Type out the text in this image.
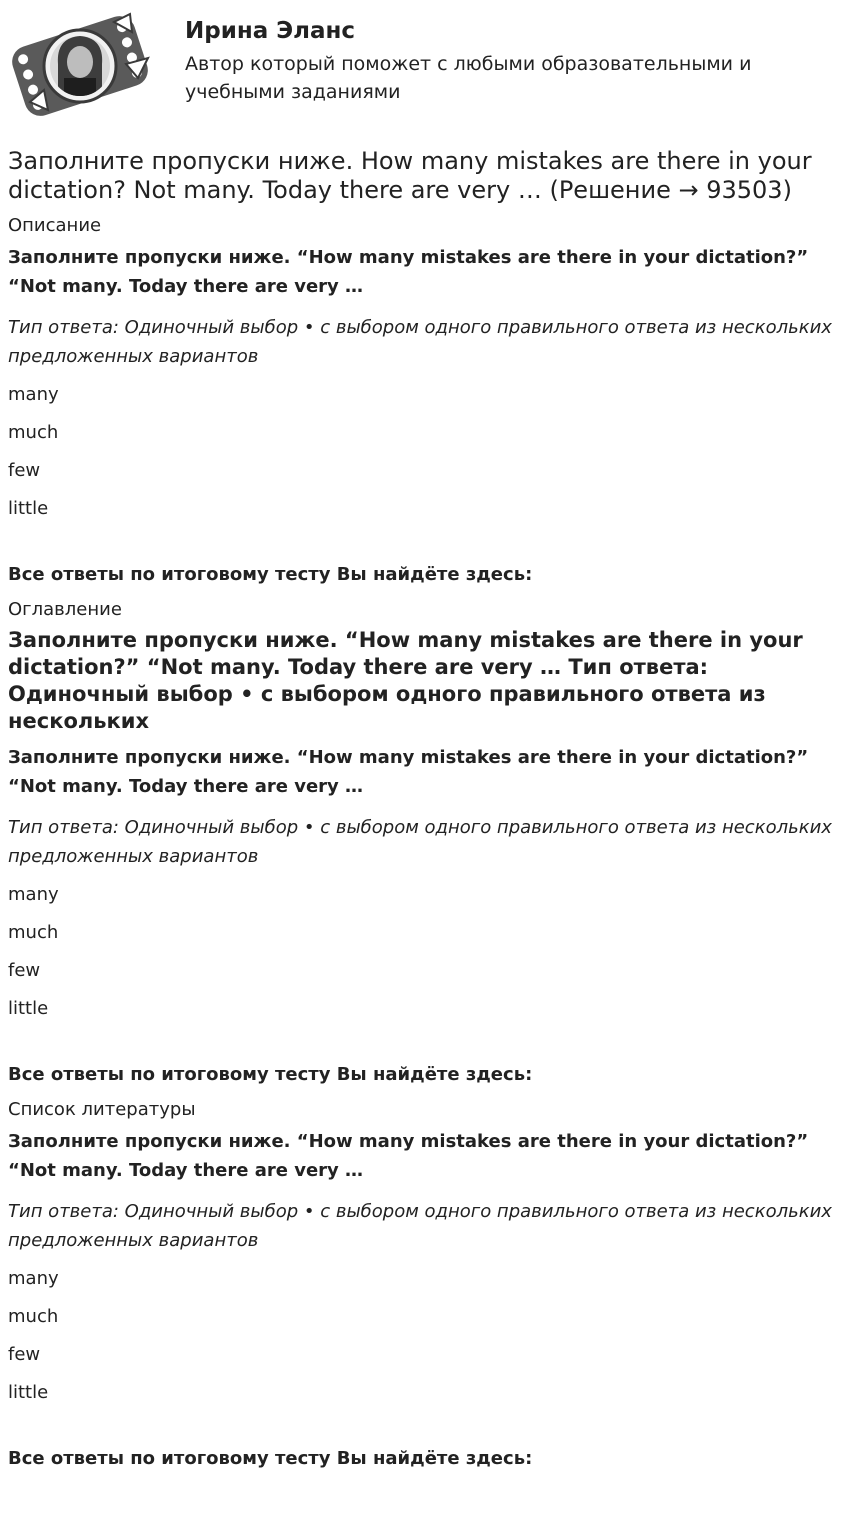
Ирина Эланс

Автор который поможет с любыми образовательными и учебными заданиями

Заполните пропуски ниже. How many mistakes are there in your dictation? Not many. Today there are very … (Решение → 93503)
Описание

Заполните пропуски ниже. “How many mistakes are there in your dictation?” “Not many. Today there are very …

Тип ответа: Одиночный выбор • с выбором одного правильного ответа из нескольких предложенных вариантов

many
much
few
little

Все ответы по итоговому тесту Вы найдёте здесь:

Оглавление
Заполните пропуски ниже. “How many mistakes are there in your dictation?” “Not many. Today there are very … Тип ответа: Одиночный выбор • с выбором одного правильного ответа из нескольких

Заполните пропуски ниже. “How many mistakes are there in your dictation?” “Not many. Today there are very …

Тип ответа: Одиночный выбор • с выбором одного правильного ответа из нескольких предложенных вариантов

many
much
few
little

Все ответы по итоговому тесту Вы найдёте здесь:

Список литературы

Заполните пропуски ниже. “How many mistakes are there in your dictation?” “Not many. Today there are very …

Тип ответа: Одиночный выбор • с выбором одного правильного ответа из нескольких предложенных вариантов

many
much
few
little

Все ответы по итоговому тесту Вы найдёте здесь:
